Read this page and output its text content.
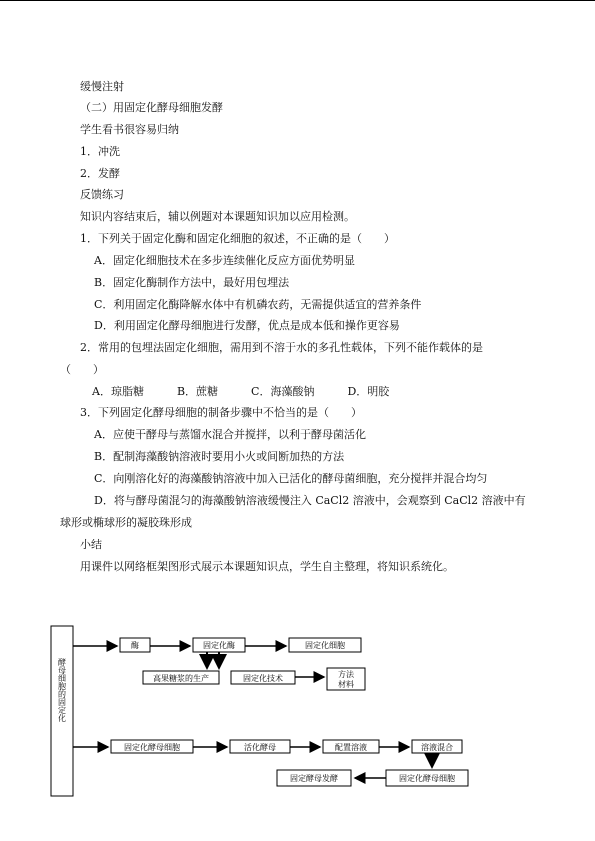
缓慢注射
（二）用固定化酵母细胞发酵
学生看书很容易归纳
1．冲洗
2．发酵
反馈练习
知识内容结束后，辅以例题对本课题知识加以应用检测。
1．下列关于固定化酶和固定化细胞的叙述，不正确的是（　　）
A．固定化细胞技术在多步连续催化反应方面优势明显
B．固定化酶制作方法中，最好用包埋法
C．利用固定化酶降解水体中有机磷农药，无需提供适宜的营养条件
D．利用固定化酵母细胞进行发酵，优点是成本低和操作更容易
2．常用的包埋法固定化细胞，需用到不溶于水的多孔性载体，下列不能作载体的是
（　　）
A．琼脂糖　　　B．蔗糖　　　C．海藻酸钠　　　D．明胶
3．下列固定化酵母细胞的制备步骤中不恰当的是（　　）
A．应使干酵母与蒸馏水混合并搅拌，以利于酵母菌活化
B．配制海藻酸钠溶液时要用小火或间断加热的方法
C．向刚溶化好的海藻酸钠溶液中加入已活化的酵母菌细胞，充分搅拌并混合均匀
D．将与酵母菌混匀的海藻酸钠溶液缓慢注入 CaCl2 溶液中，会观察到 CaCl2 溶液中有
球形或椭球形的凝胶珠形成
小结
用课件以网络框架图形式展示本课题知识点，学生自主整理，将知识系统化。
酵母细胞的固定化
酶	固定化酶	固定化细胞
高果糖浆的生产	固定化技术	方法
材料
固定化酵母细胞	活化酵母	配置溶液	溶液混合
固定化酵母细胞
固定酵母发酵
